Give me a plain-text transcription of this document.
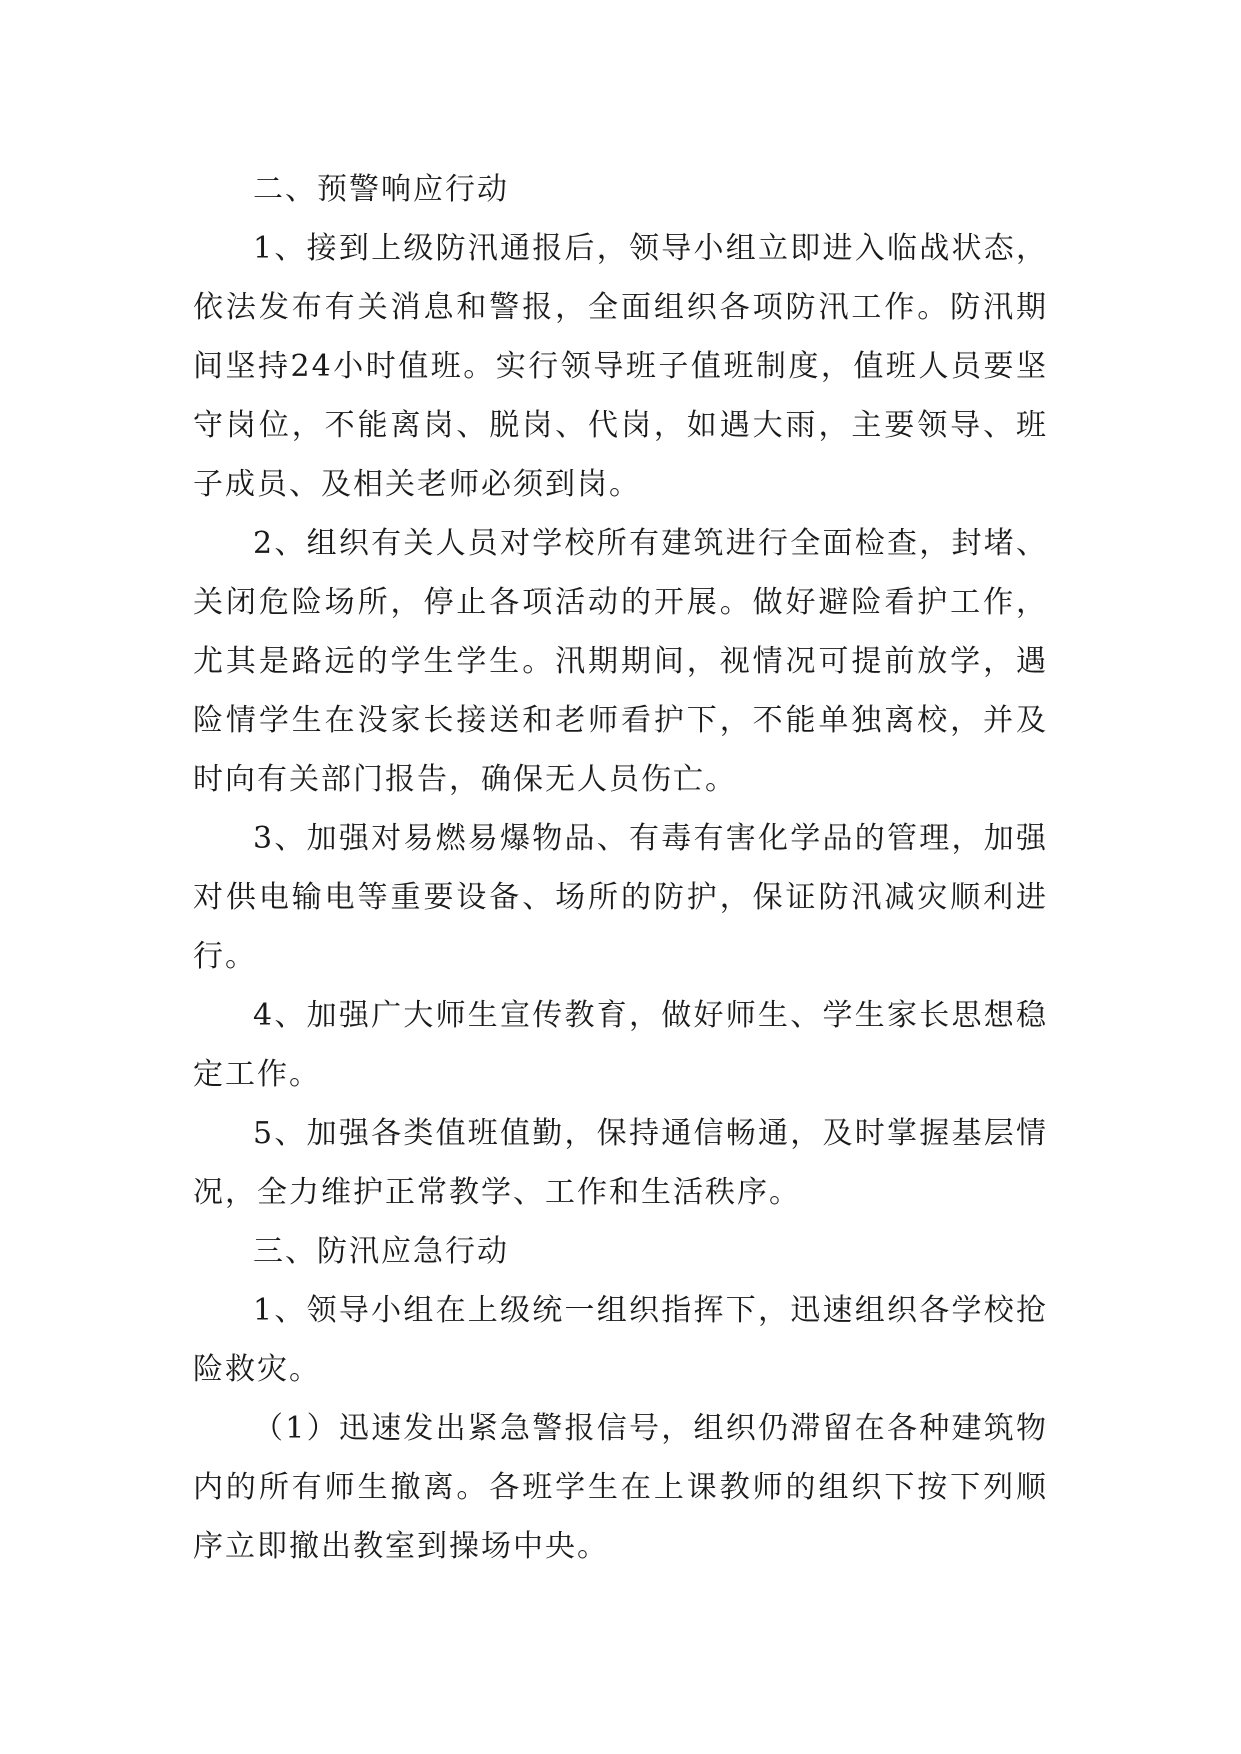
二、预警响应行动

1、接到上级防汛通报后，领导小组立即进入临战状态，依法发布有关消息和警报，全面组织各项防汛工作。防汛期间坚持24小时值班。实行领导班子值班制度，值班人员要坚守岗位，不能离岗、脱岗、代岗，如遇大雨，主要领导、班子成员、及相关老师必须到岗。

2、组织有关人员对学校所有建筑进行全面检查，封堵、关闭危险场所，停止各项活动的开展。做好避险看护工作，尤其是路远的学生学生。汛期期间，视情况可提前放学，遇险情学生在没家长接送和老师看护下，不能单独离校，并及时向有关部门报告，确保无人员伤亡。

3、加强对易燃易爆物品、有毒有害化学品的管理，加强对供电输电等重要设备、场所的防护，保证防汛减灾顺利进行。

4、加强广大师生宣传教育，做好师生、学生家长思想稳定工作。

5、加强各类值班值勤，保持通信畅通，及时掌握基层情况，全力维护正常教学、工作和生活秩序。

三、防汛应急行动

1、领导小组在上级统一组织指挥下，迅速组织各学校抢险救灾。

（1）迅速发出紧急警报信号，组织仍滞留在各种建筑物内的所有师生撤离。各班学生在上课教师的组织下按下列顺序立即撤出教室到操场中央。
